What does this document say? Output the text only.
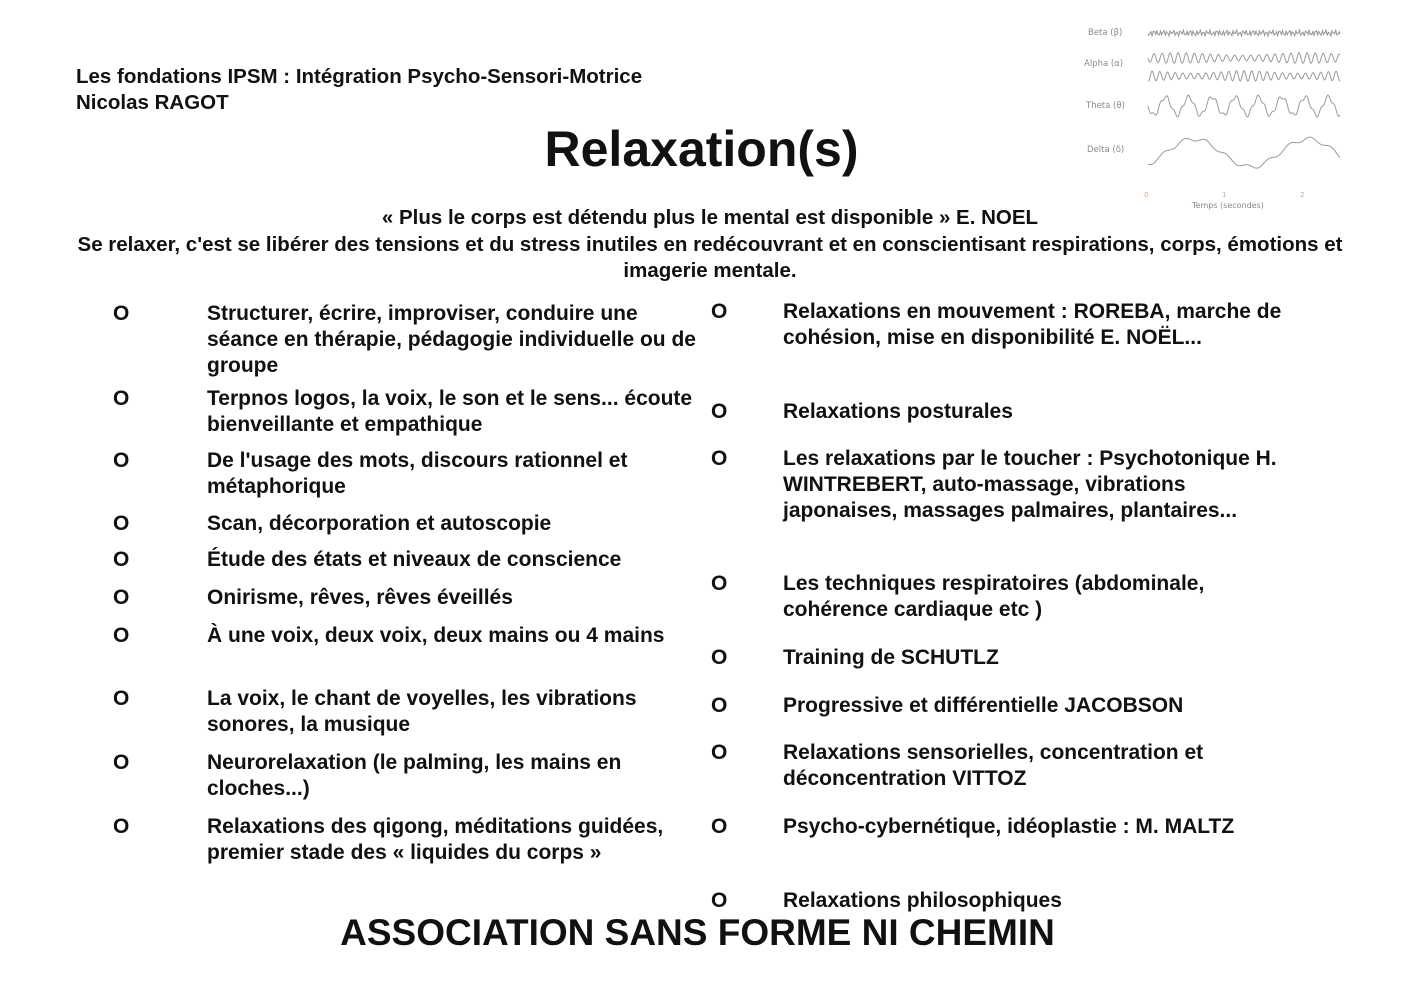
Les fondations IPSM : Intégration Psycho-Sensori-Motrice
Nicolas RAGOT
Beta (β)
Alpha (α)
Theta (θ)
Delta (δ)
0	1	2
Temps (secondes)
Relaxation(s)
« Plus le corps est détendu plus le mental est disponible » E. NOEL
Se relaxer, c'est se libérer des tensions et du stress inutiles en redécouvrant et en conscientisant respirations, corps, émotions et imagerie mentale.
O	Structurer, écrire, improviser, conduire une séance en thérapie, pédagogie individuelle ou de groupe
O	Terpnos logos, la voix, le son et le sens... écoute bienveillante et empathique
O	De l'usage des mots, discours rationnel et métaphorique
O	Scan, décorporation et autoscopie
O	Étude des états et niveaux de conscience
O	Onirisme, rêves, rêves éveillés
O	À une voix, deux voix, deux mains ou 4 mains
O	La voix, le chant de voyelles, les vibrations sonores, la musique
O	Neurorelaxation (le palming, les mains en cloches...)
O	Relaxations des qigong, méditations guidées, premier stade des « liquides du corps »
O	Relaxations en mouvement : ROREBA, marche de cohésion, mise en disponibilité E. NOËL...
O	Relaxations posturales
O	Les relaxations par le toucher : Psychotonique H. WINTREBERT, auto-massage, vibrations japonaises, massages palmaires, plantaires...
O	Les techniques respiratoires (abdominale, cohérence cardiaque etc )
O	Training de SCHUTLZ
O	Progressive et différentielle JACOBSON
O	Relaxations sensorielles, concentration et déconcentration VITTOZ
O	Psycho-cybernétique, idéoplastie : M. MALTZ
O	Relaxations philosophiques
ASSOCIATION SANS FORME NI CHEMIN
